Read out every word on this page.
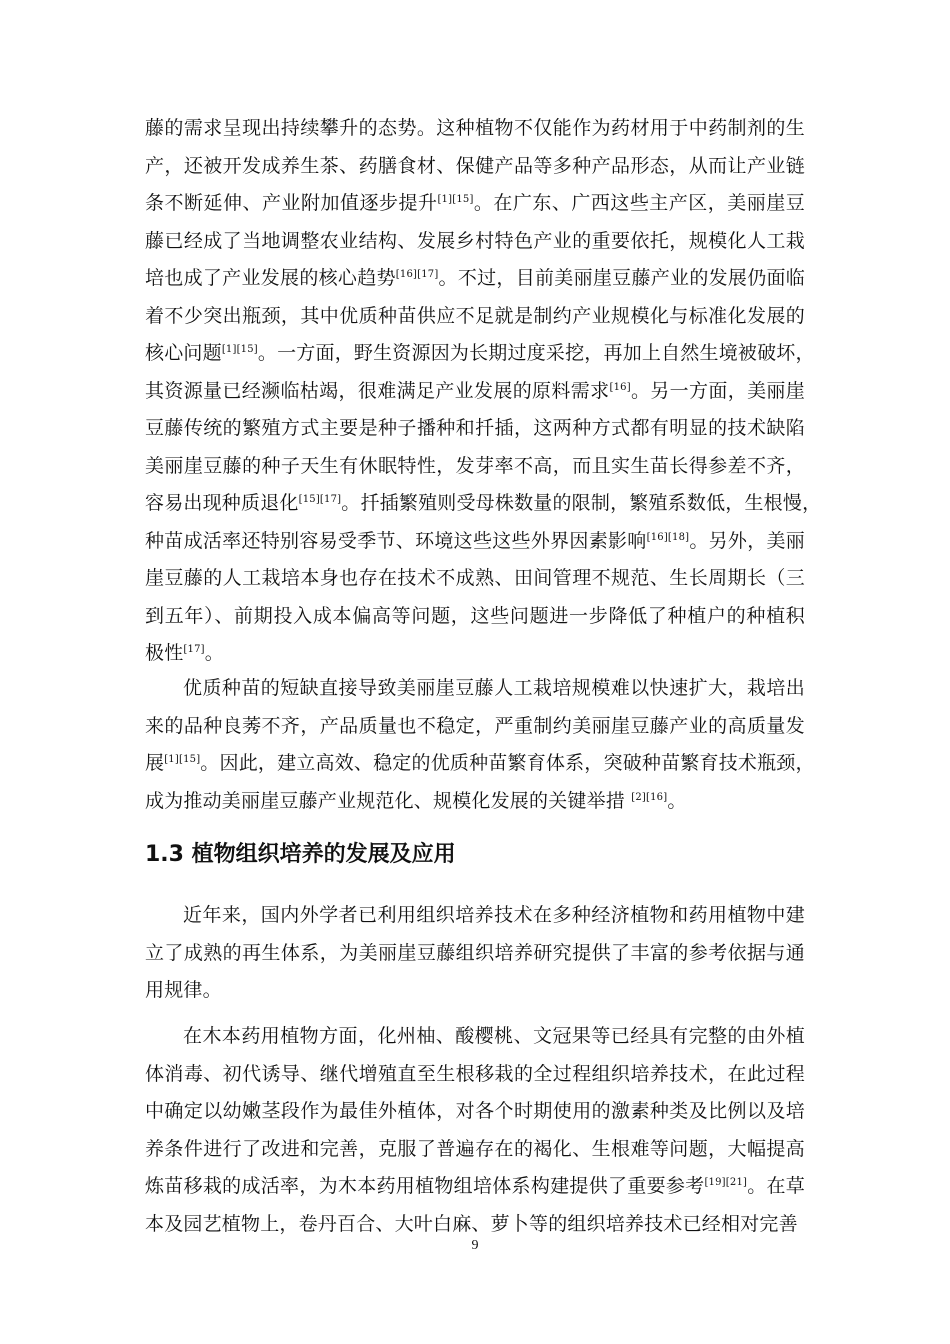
藤的需求呈现出持续攀升的态势。这种植物不仅能作为药材用于中药制剂的生
产，还被开发成养生茶、药膳食材、保健产品等多种产品形态，从而让产业链
条不断延伸、产业附加值逐步提升[1][15]。在广东、广西这些主产区，美丽崖豆
藤已经成了当地调整农业结构、发展乡村特色产业的重要依托，规模化人工栽
培也成了产业发展的核心趋势[16][17]。不过，目前美丽崖豆藤产业的发展仍面临
着不少突出瓶颈，其中优质种苗供应不足就是制约产业规模化与标准化发展的
核心问题[1][15]。一方面，野生资源因为长期过度采挖，再加上自然生境被破坏，
其资源量已经濒临枯竭，很难满足产业发展的原料需求[16]。另一方面，美丽崖
豆藤传统的繁殖方式主要是种子播种和扦插，这两种方式都有明显的技术缺陷
美丽崖豆藤的种子天生有休眠特性，发芽率不高，而且实生苗长得参差不齐，
容易出现种质退化[15][17]。扦插繁殖则受母株数量的限制，繁殖系数低，生根慢，
种苗成活率还特别容易受季节、环境这些这些外界因素影响[16][18]。另外，美丽
崖豆藤的人工栽培本身也存在技术不成熟、田间管理不规范、生长周期长（三
到五年）、前期投入成本偏高等问题，这些问题进一步降低了种植户的种植积
极性[17]。
优质种苗的短缺直接导致美丽崖豆藤人工栽培规模难以快速扩大，栽培出
来的品种良莠不齐，产品质量也不稳定，严重制约美丽崖豆藤产业的高质量发
展[1][15]。因此，建立高效、稳定的优质种苗繁育体系，突破种苗繁育技术瓶颈，
成为推动美丽崖豆藤产业规范化、规模化发展的关键举措 [2][16]。
1.3 植物组织培养的发展及应用
近年来，国内外学者已利用组织培养技术在多种经济植物和药用植物中建
立了成熟的再生体系，为美丽崖豆藤组织培养研究提供了丰富的参考依据与通
用规律。
在木本药用植物方面，化州柚、酸樱桃、文冠果等已经具有完整的由外植
体消毒、初代诱导、继代增殖直至生根移栽的全过程组织培养技术，在此过程
中确定以幼嫩茎段作为最佳外植体，对各个时期使用的激素种类及比例以及培
养条件进行了改进和完善，克服了普遍存在的褐化、生根难等问题，大幅提高
炼苗移栽的成活率，为木本药用植物组培体系构建提供了重要参考[19][21]。在草
本及园艺植物上，卷丹百合、大叶白麻、萝卜等的组织培养技术已经相对完善
9
